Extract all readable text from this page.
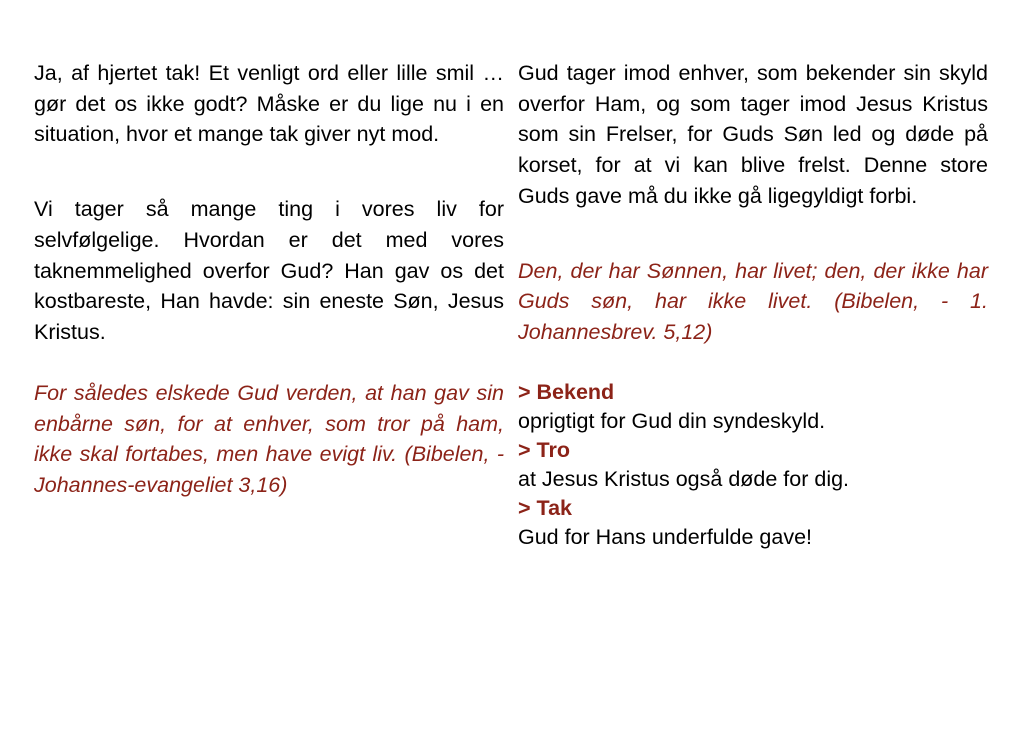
Ja, af hjertet tak! Et venligt ord eller lille smil … gør det os ikke godt? Måske er du lige nu i en situation, hvor et mange tak giver nyt mod.

Vi tager så mange ting i vores liv for selvfølgelige. Hvordan er det med vores taknemmelighed overfor Gud? Han gav os det kostbareste, Han havde: sin eneste Søn, Jesus Kristus.

For således elskede Gud verden, at han gav sin enbårne søn, for at enhver, som tror på ham, ikke skal fortabes, men have evigt liv. (Bibelen, - Johannes-evangeliet 3,16)

Gud tager imod enhver, som bekender sin skyld overfor Ham, og som tager imod Jesus Kristus som sin Frelser, for Guds Søn led og døde på korset, for at vi kan blive frelst. Denne store Guds gave må du ikke gå ligegyldigt forbi.

Den, der har Sønnen, har livet; den, der ikke har Guds søn, har ikke livet. (Bibelen, - 1. Johannesbrev. 5,12)

> Bekend

oprigtigt for Gud din syndeskyld.

> Tro

at Jesus Kristus også døde for dig.

> Tak

Gud for Hans underfulde gave!
